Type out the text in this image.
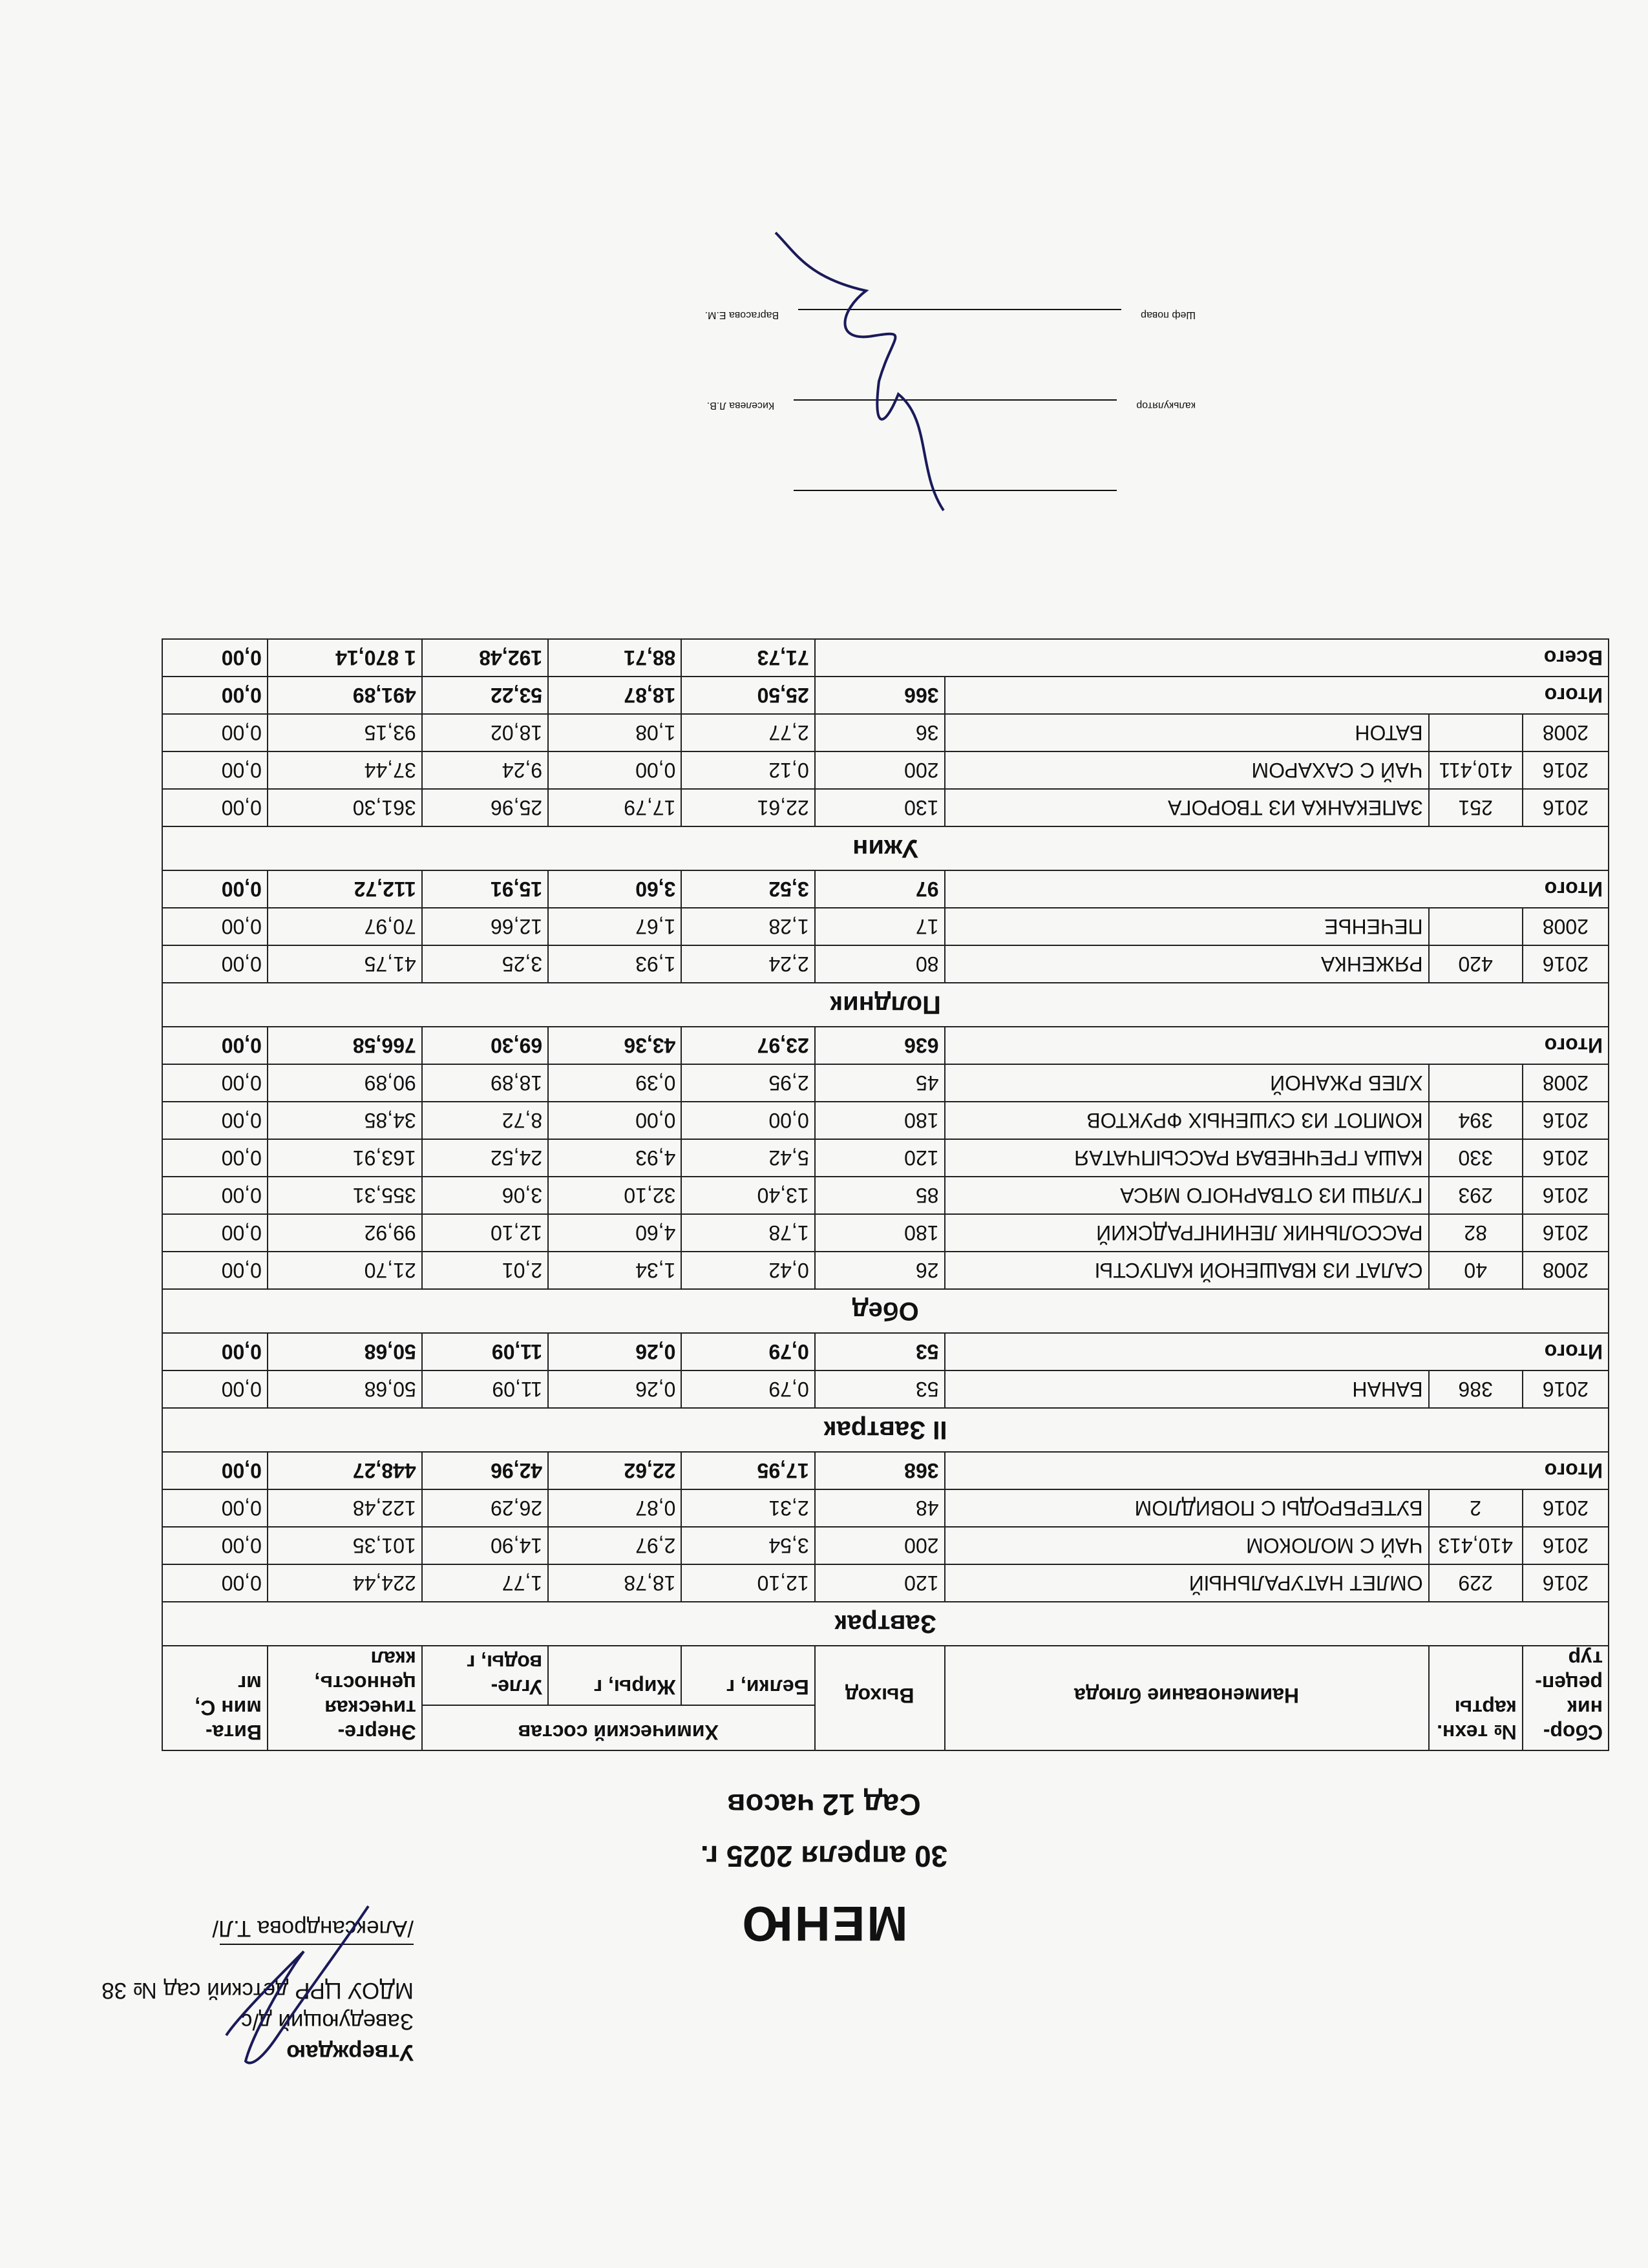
Утверждаю
Заведующий д/с
МДОУ ЦРР детский сад № 38
/Александрова Т.Л/	МЕНЮ
30 апреля 2025 г.
Сад 12 часов
Сбор- ник рецеп- тур	№ техн. карты	Наименование блюда	Выход	Химический состав			Энерге- тическая ценность, ккал	Вита- мин С, мг
				Белки, г	Жиры, г	Угле- воды, г		
Завтрак								
2016	229	ОМЛЕТ НАТУРАЛЬНЫЙ	120	12,10	18,78	1,77	224,44	0,00
2016	410,413	ЧАЙ С МОЛОКОМ	200	3,54	2,97	14,90	101,35	0,00
2016	2	БУТЕРБРОДЫ С ПОВИДЛОМ	48	2,31	0,87	26,29	122,48	0,00
Итого			368	17,95	22,62	42,96	448,27	0,00
II Завтрак								
2016	386	БАНАН	53	0,79	0,26	11,09	50,68	0,00
Итого			53	0,79	0,26	11,09	50,68	0,00
Обед								
2008	40	САЛАТ ИЗ КВАШЕНОЙ КАПУСТЫ	26	0,42	1,34	2,01	21,70	0,00
2016	82	РАССОЛЬНИК ЛЕНИНГРАДСКИЙ	180	1,78	4,60	12,10	99,92	0,00
2016	293	ГУЛЯШ ИЗ ОТВАРНОГО МЯСА	85	13,40	32,10	3,06	355,31	0,00
2016	330	КАША ГРЕЧНЕВАЯ РАССЫПЧАТАЯ	120	5,42	4,93	24,52	163,91	0,00
2016	394	КОМПОТ ИЗ СУШЕНЫХ ФРУКТОВ	180	0,00	0,00	8,72	34,85	0,00
2008		ХЛЕБ РЖАНОЙ	45	2,95	0,39	18,89	90,89	0,00
Итого			636	23,97	43,36	69,30	766,58	0,00
Полдник								
2016	420	РЯЖЕНКА	80	2,24	1,93	3,25	41,75	0,00
2008		ПЕЧЕНЬЕ	17	1,28	1,67	12,66	70,97	0,00
Итого			97	3,52	3,60	15,91	112,72	0,00
Ужин								
2016	251	ЗАПЕКАНКА ИЗ ТВОРОГА	130	22,61	17,79	25,96	361,30	0,00
2016	410,411	ЧАЙ С САХАРОМ	200	0,12	0,00	9,24	37,44	0,00
2008		БАТОН	36	2,77	1,08	18,02	93,15	0,00
Итого			366	25,50	18,87	53,22	491,89	0,00
Всего				71,73	88,71	192,48	1 870,14	0,00
калькуляторКиселева Л.В.
Шеф поварВаргасова Е.М.
